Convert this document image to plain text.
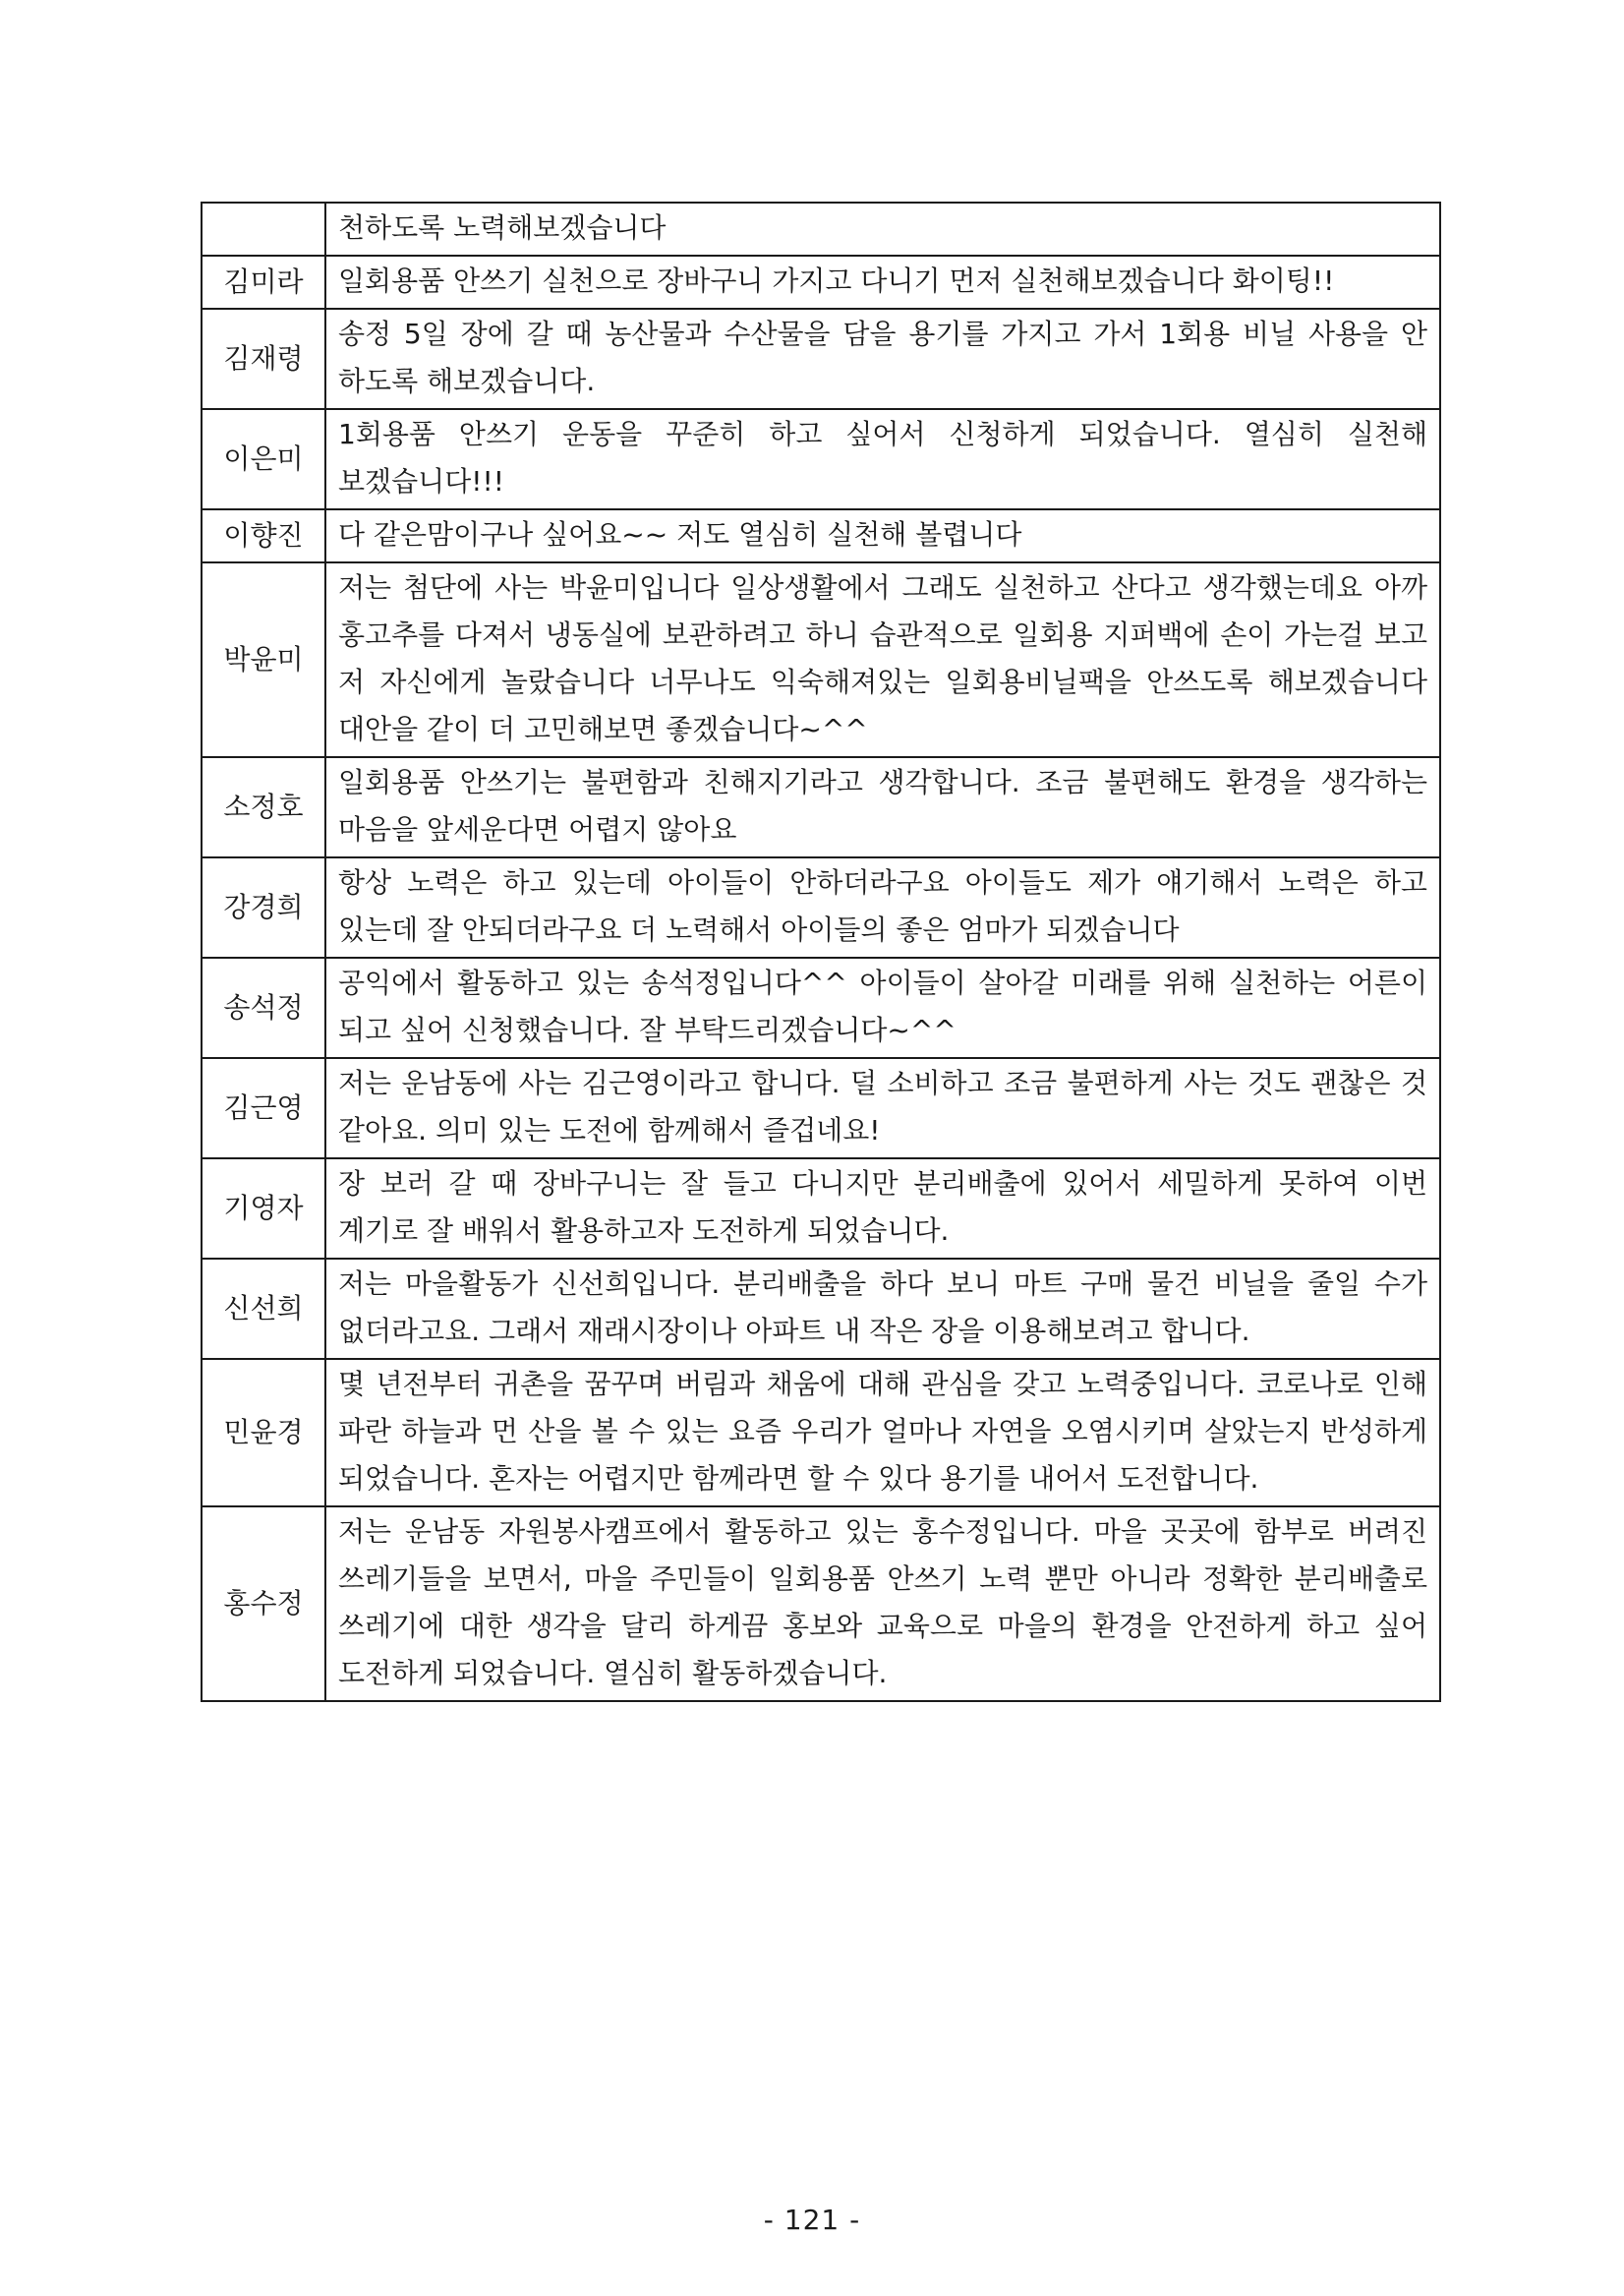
	천하도록 노력해보겠습니다
김미라	일회용품 안쓰기 실천으로 장바구니 가지고 다니기 먼저 실천해보겠습니다 화이팅!!
김재령	송정 5일 장에 갈 때 농산물과 수산물을 담을 용기를 가지고 가서 1회용 비닐 사용을 안 하도록 해보겠습니다.
이은미	1회용품 안쓰기 운동을 꾸준히 하고 싶어서 신청하게 되었습니다. 열심히 실천해 보겠습니다!!!
이향진	다 같은맘이구나 싶어요~~ 저도 열심히 실천해 볼렵니다
박윤미	저는 첨단에 사는 박윤미입니다 일상생활에서 그래도 실천하고 산다고 생각했는데요 아까 홍고추를 다져서 냉동실에 보관하려고 하니 습관적으로 일회용 지퍼백에 손이 가는걸 보고 저 자신에게 놀랐습니다 너무나도 익숙해져있는 일회용비닐팩을 안쓰도록 해보겠습니다 대안을 같이 더 고민해보면 좋겠습니다~^^
소정호	일회용품 안쓰기는 불편함과 친해지기라고 생각합니다. 조금 불편해도 환경을 생각하는 마음을 앞세운다면 어렵지 않아요
강경희	항상 노력은 하고 있는데 아이들이 안하더라구요 아이들도 제가 얘기해서 노력은 하고 있는데 잘 안되더라구요 더 노력해서 아이들의 좋은 엄마가 되겠습니다
송석정	공익에서 활동하고 있는 송석정입니다^^ 아이들이 살아갈 미래를 위해 실천하는 어른이 되고 싶어 신청했습니다. 잘 부탁드리겠습니다~^^
김근영	저는 운남동에 사는 김근영이라고 합니다. 덜 소비하고 조금 불편하게 사는 것도 괜찮은 것 같아요. 의미 있는 도전에 함께해서 즐겁네요!
기영자	장 보러 갈 때 장바구니는 잘 들고 다니지만 분리배출에 있어서 세밀하게 못하여 이번 계기로 잘 배워서 활용하고자 도전하게 되었습니다.
신선희	저는 마을활동가 신선희입니다. 분리배출을 하다 보니 마트 구매 물건 비닐을 줄일 수가 없더라고요. 그래서 재래시장이나 아파트 내 작은 장을 이용해보려고 합니다.
민윤경	몇 년전부터 귀촌을 꿈꾸며 버림과 채움에 대해 관심을 갖고 노력중입니다. 코로나로 인해 파란 하늘과 먼 산을 볼 수 있는 요즘 우리가 얼마나 자연을 오염시키며 살았는지 반성하게 되었습니다. 혼자는 어렵지만 함께라면 할 수 있다 용기를 내어서 도전합니다.
홍수정	저는 운남동 자원봉사캠프에서 활동하고 있는 홍수정입니다. 마을 곳곳에 함부로 버려진 쓰레기들을 보면서, 마을 주민들이 일회용품 안쓰기 노력 뿐만 아니라 정확한 분리배출로 쓰레기에 대한 생각을 달리 하게끔 홍보와 교육으로 마을의 환경을 안전하게 하고 싶어 도전하게 되었습니다. 열심히 활동하겠습니다.
- 121 -
